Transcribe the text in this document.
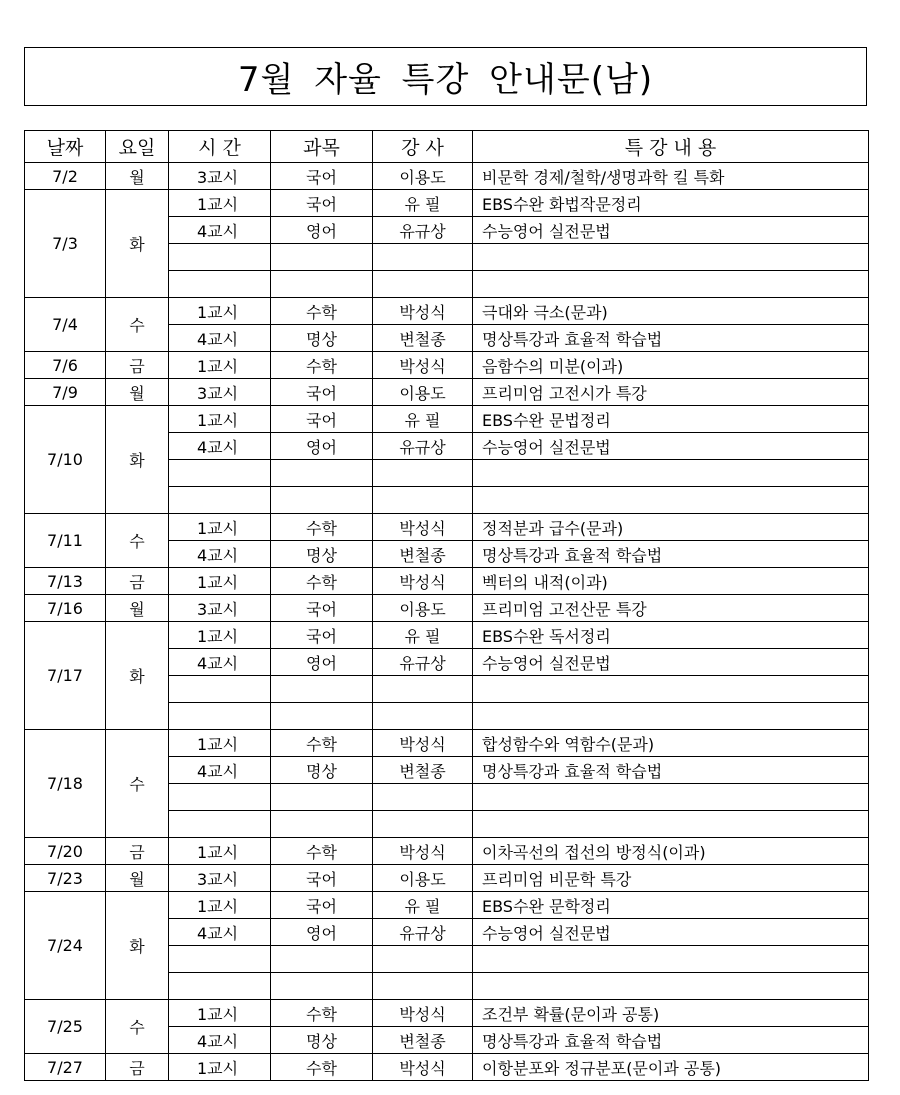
7월 자율 특강 안내문(남)
날짜	요일	시 간	과목	강 사	특 강 내 용
7/2	월	3교시	국어	이용도	비문학 경제/철학/생명과학 킬 특화
7/3	화	1교시	국어	유 필	EBS수완 화법작문정리
		4교시	영어	유규상	수능영어 실전문법

7/4	수	1교시	수학	박성식	극대와 극소(문과)
		4교시	명상	변철종	명상특강과 효율적 학습법
7/6	금	1교시	수학	박성식	음함수의 미분(이과)
7/9	월	3교시	국어	이용도	프리미엄 고전시가 특강
7/10	화	1교시	국어	유 필	EBS수완 문법정리
		4교시	영어	유규상	수능영어 실전문법

7/11	수	1교시	수학	박성식	정적분과 급수(문과)
		4교시	명상	변철종	명상특강과 효율적 학습법
7/13	금	1교시	수학	박성식	벡터의 내적(이과)
7/16	월	3교시	국어	이용도	프리미엄 고전산문 특강
7/17	화	1교시	국어	유 필	EBS수완 독서정리
		4교시	영어	유규상	수능영어 실전문법

7/18	수	1교시	수학	박성식	합성함수와 역함수(문과)
		4교시	명상	변철종	명상특강과 효율적 학습법

7/20	금	1교시	수학	박성식	이차곡선의 접선의 방정식(이과)
7/23	월	3교시	국어	이용도	프리미엄 비문학 특강
7/24	화	1교시	국어	유 필	EBS수완 문학정리
		4교시	영어	유규상	수능영어 실전문법

7/25	수	1교시	수학	박성식	조건부 확률(문이과 공통)
		4교시	명상	변철종	명상특강과 효율적 학습법
7/27	금	1교시	수학	박성식	이항분포와 정규분포(문이과 공통)
